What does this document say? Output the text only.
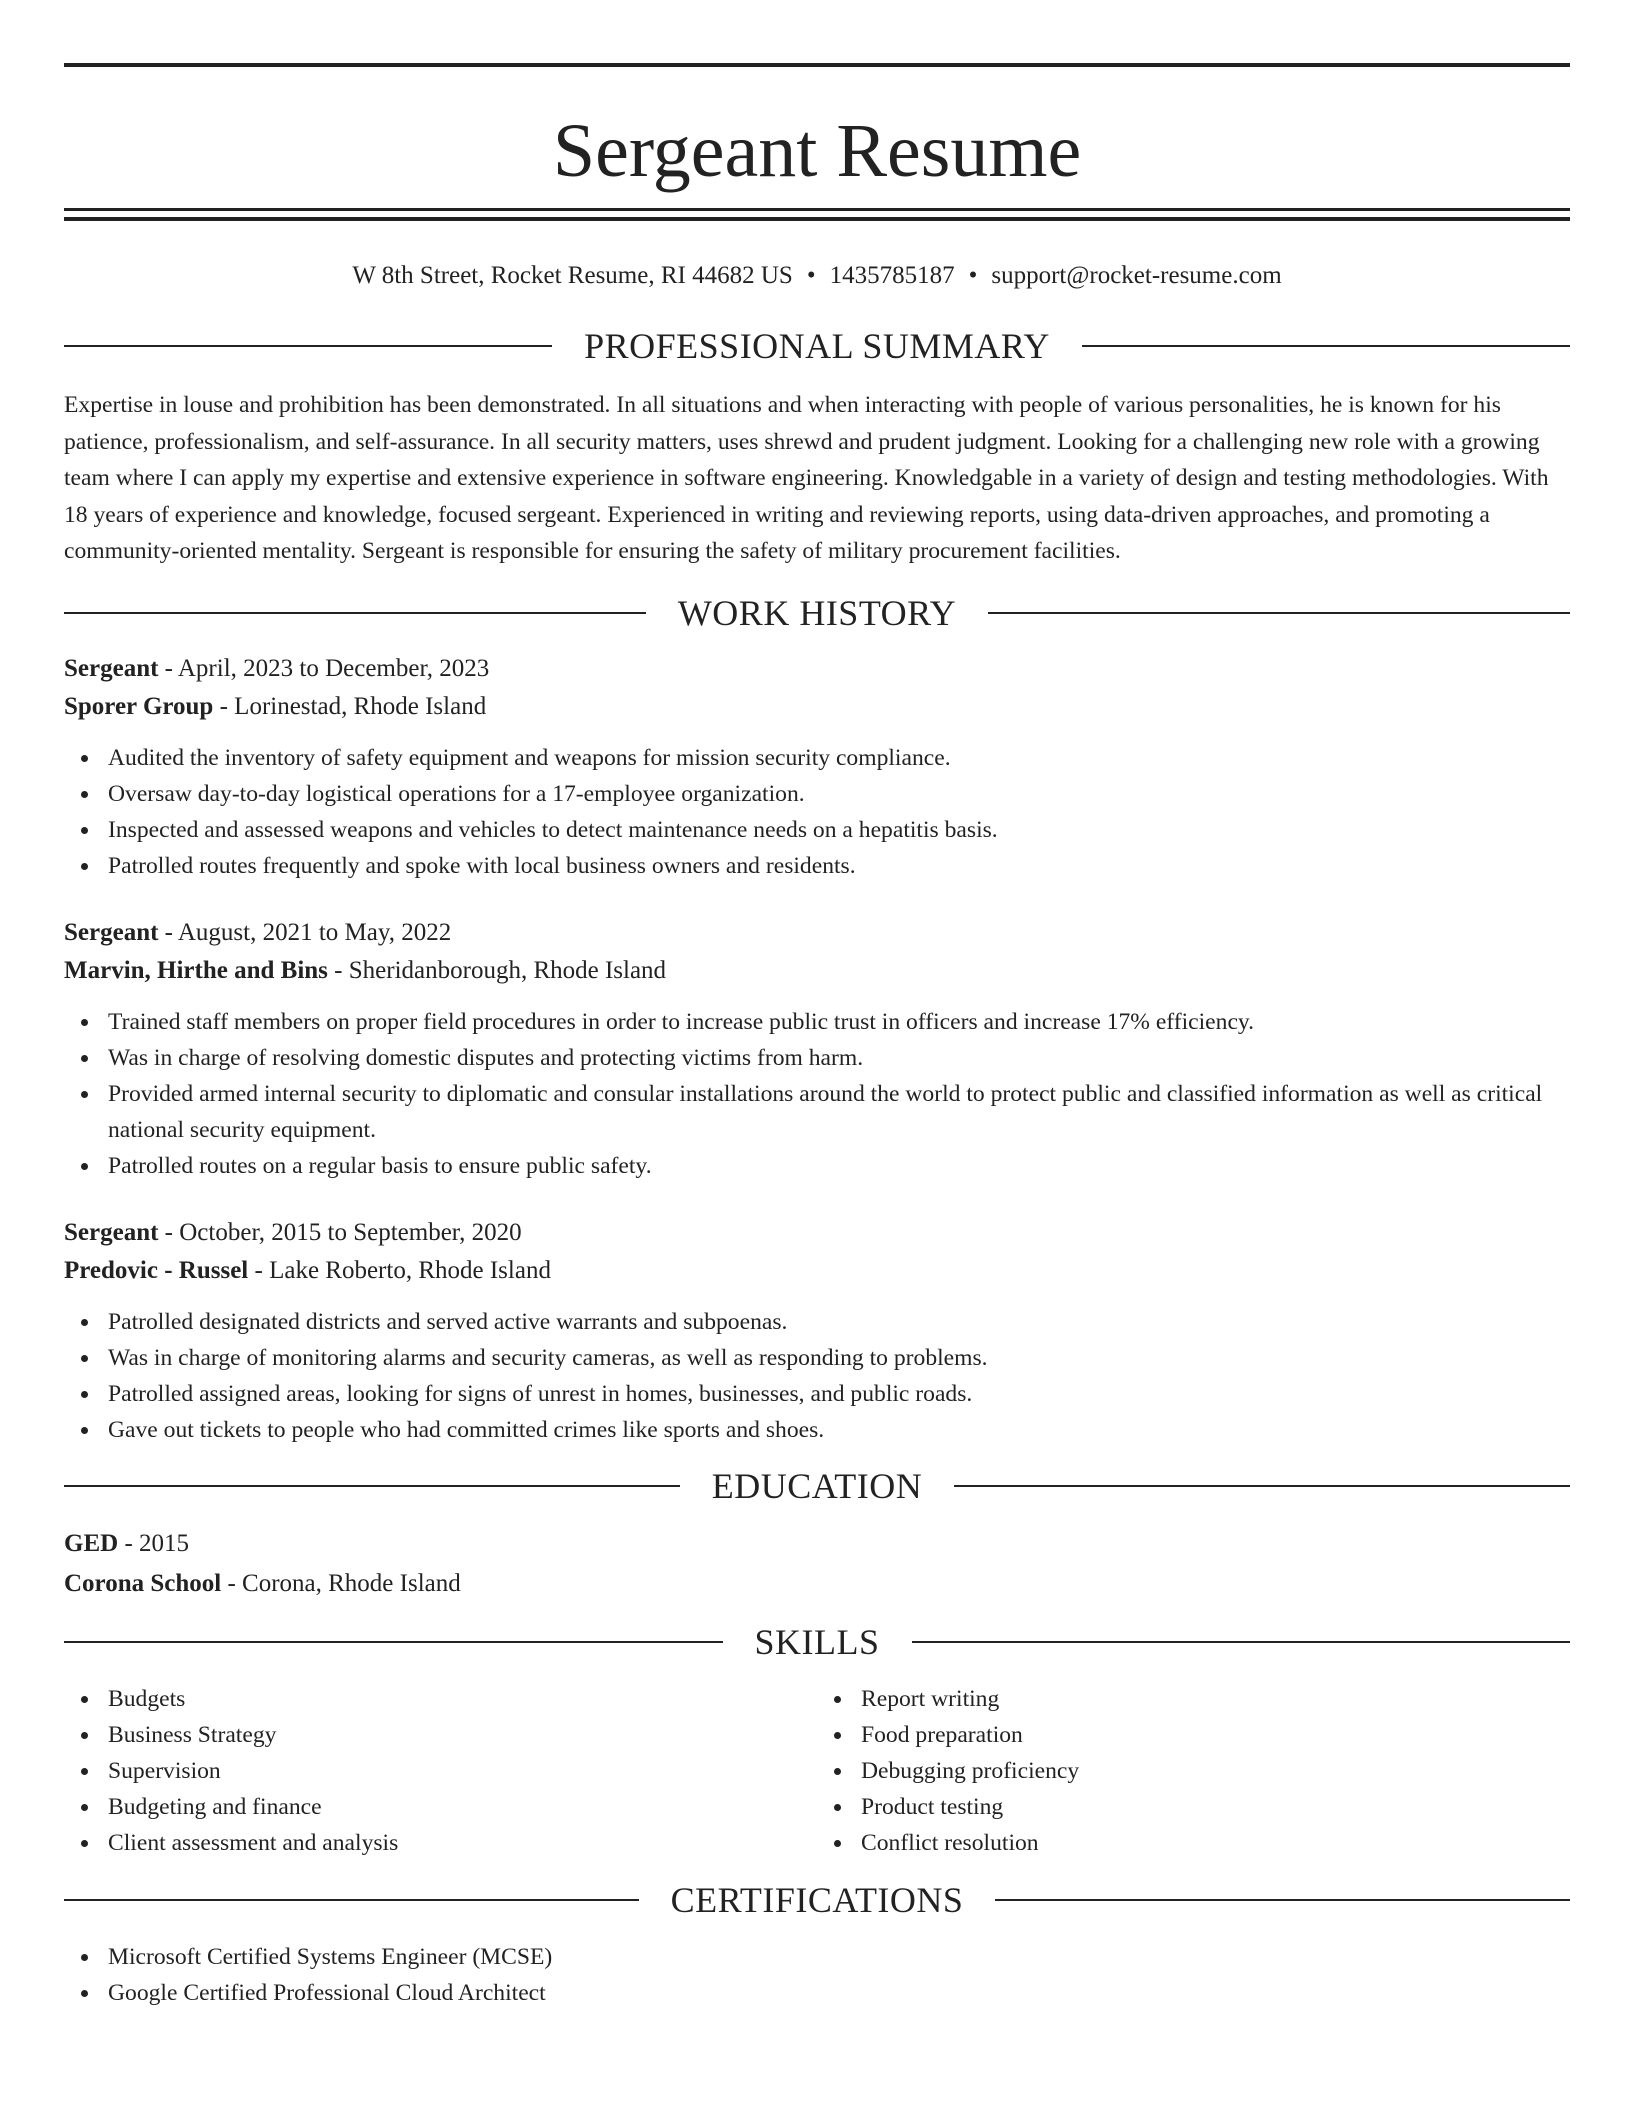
Sergeant Resume
W 8th Street, Rocket Resume, RI 44682 US • 1435785187 • support@rocket-resume.com
PROFESSIONAL SUMMARY

Expertise in louse and prohibition has been demonstrated. In all situations and when interacting with people of various personalities, he is known for his patience, professionalism, and self-assurance. In all security matters, uses shrewd and prudent judgment. Looking for a challenging new role with a growing team where I can apply my expertise and extensive experience in software engineering. Knowledgable in a variety of design and testing methodologies. With 18 years of experience and knowledge, focused sergeant. Experienced in writing and reviewing reports, using data-driven approaches, and promoting a community-oriented mentality. Sergeant is responsible for ensuring the safety of military procurement facilities.

WORK HISTORY
Sergeant - April, 2023 to December, 2023
Sporer Group - Lorinestad, Rhode Island
Audited the inventory of safety equipment and weapons for mission security compliance.
Oversaw day-to-day logistical operations for a 17-employee organization.
Inspected and assessed weapons and vehicles to detect maintenance needs on a hepatitis basis.
Patrolled routes frequently and spoke with local business owners and residents.
Sergeant - August, 2021 to May, 2022
Marvin, Hirthe and Bins - Sheridanborough, Rhode Island
Trained staff members on proper field procedures in order to increase public trust in officers and increase 17% efficiency.
Was in charge of resolving domestic disputes and protecting victims from harm.
Provided armed internal security to diplomatic and consular installations around the world to protect public and classified information as well as critical national security equipment.
Patrolled routes on a regular basis to ensure public safety.
Sergeant - October, 2015 to September, 2020
Predovic - Russel - Lake Roberto, Rhode Island
Patrolled designated districts and served active warrants and subpoenas.
Was in charge of monitoring alarms and security cameras, as well as responding to problems.
Patrolled assigned areas, looking for signs of unrest in homes, businesses, and public roads.
Gave out tickets to people who had committed crimes like sports and shoes.
EDUCATION
GED - 2015
Corona School - Corona, Rhode Island
SKILLS
Budgets
Business Strategy
Supervision
Budgeting and finance
Client assessment and analysis
Report writing
Food preparation
Debugging proficiency
Product testing
Conflict resolution
CERTIFICATIONS
Microsoft Certified Systems Engineer (MCSE)
Google Certified Professional Cloud Architect
